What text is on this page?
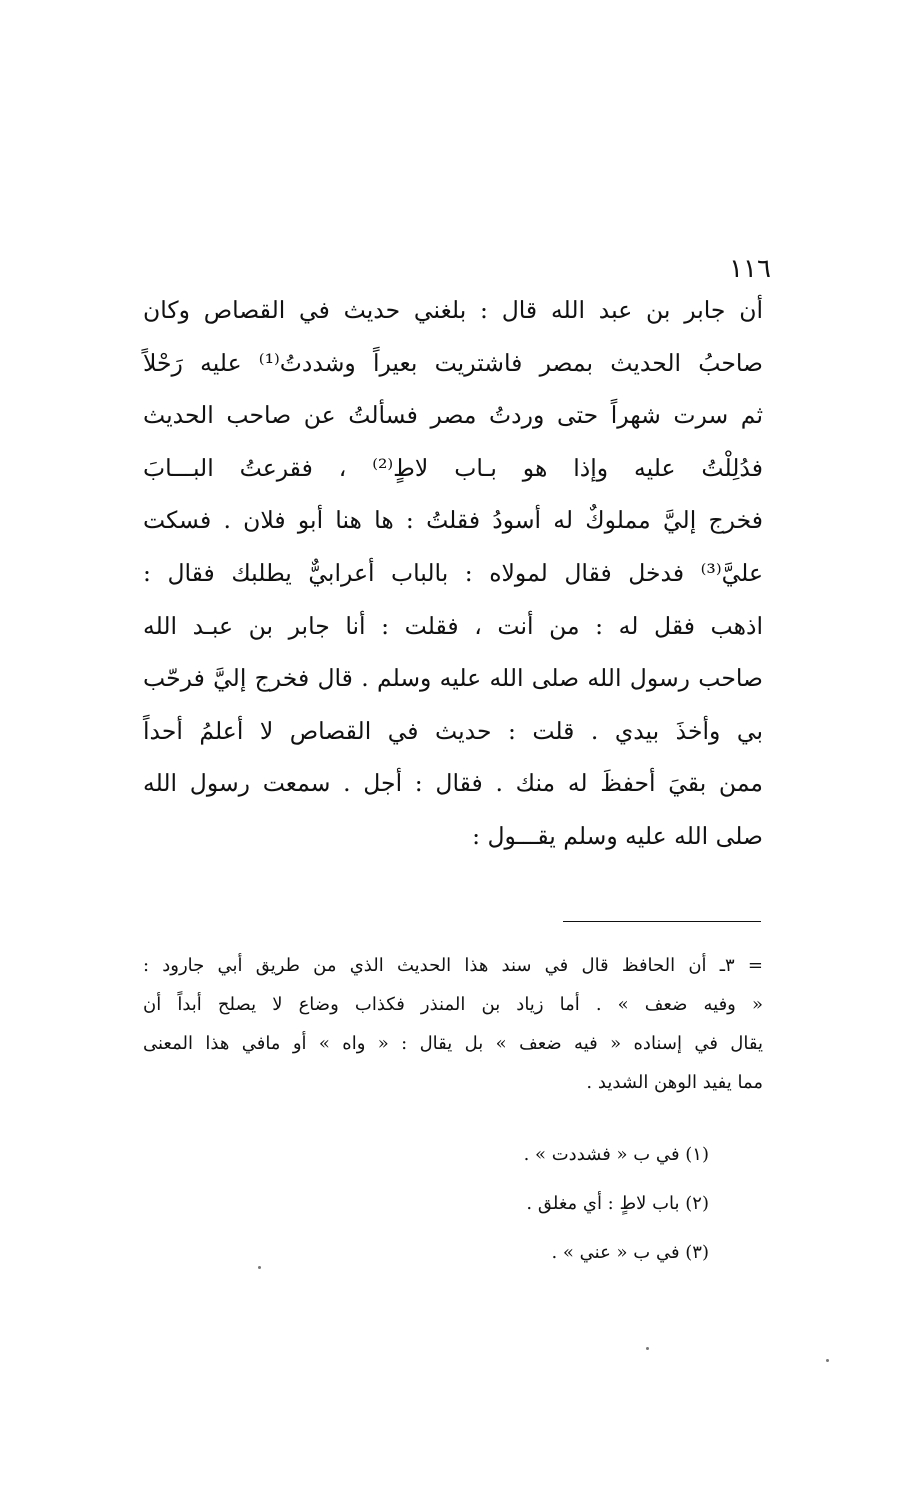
١١٦
أن جابر بن عبد الله قال : بلغني حديث في القصاص وكان
صاحبُ الحديث بمصر فاشتريت بعيراً وشددتُ⁽¹⁾ عليه رَحْلاً
ثم سرت شهراً حتى وردتُ مصر فسألتُ عن صاحب الحديث
فدُلِلْتُ عليه وإذا هو بـاب لاطٍ⁽²⁾ ، فقرعتُ البـــابَ
فخرج إليَّ مملوكٌ له أسودُ فقلتُ : ها هنا أبو فلان . فسكت
عليَّ⁽³⁾ فدخل فقال لمولاه : بالباب أعرابيٌّ يطلبك فقال :
اذهب فقل له : من أنت ، فقلت : أنا جابر بن عبـد الله
صاحب رسول الله صلى الله عليه وسلم . قال فخرج إليَّ فرحّب
بي وأخذَ بيدي . قلت : حديث في القصاص لا أعلمُ أحداً
ممن بقيَ أحفظَ له منك . فقال : أجل . سمعت رسول الله
صلى الله عليه وسلم يقـــول :
= ٣ـ أن الحافظ قال في سند هذا الحديث الذي من طريق أبي جارود :
« وفيه ضعف » . أما زياد بن المنذر فكذاب وضاع لا يصلح أبداً أن
يقال في إسناده « فيه ضعف » بل يقال : « واه » أو مافي هذا المعنى
مما يفيد الوهن الشديد .
(١) في ب « فشددت » .
(٢) باب لاطٍ : أي مغلق .
(٣) في ب « عني » .
